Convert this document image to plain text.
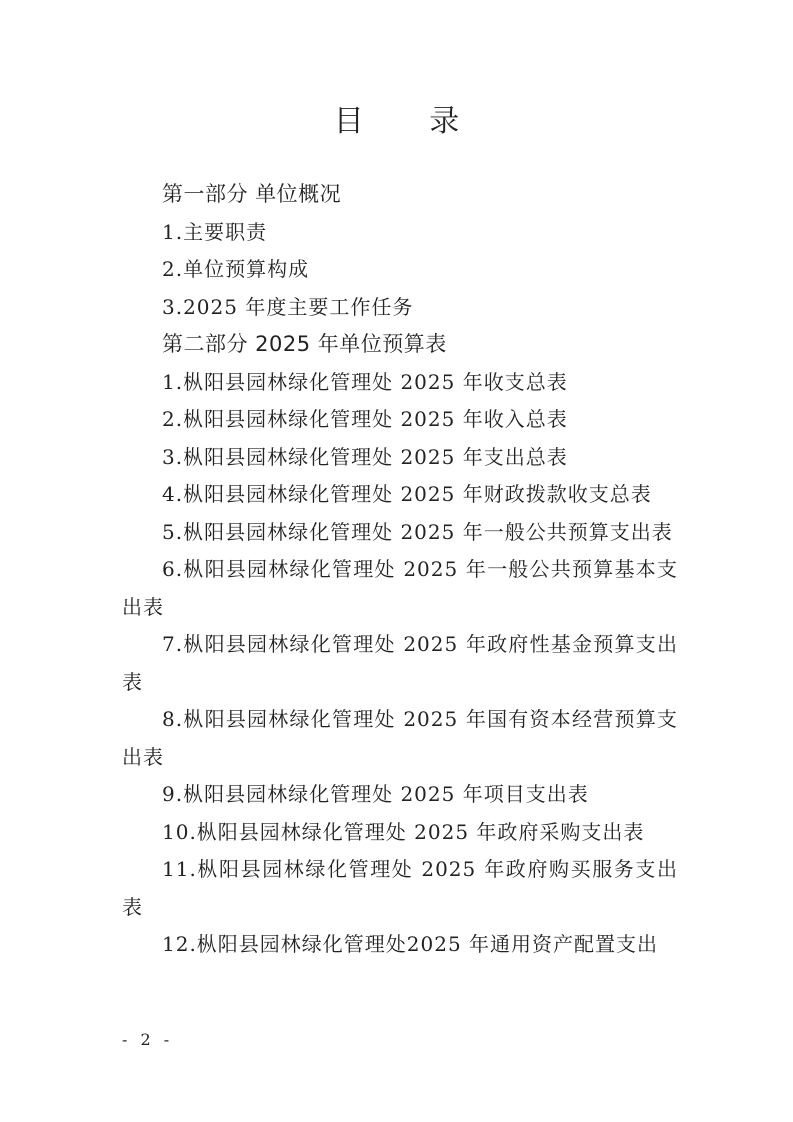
目 录
第一部分 单位概况
1.主要职责
2.单位预算构成
3.2025 年度主要工作任务
第二部分 2025 年单位预算表
1.枞阳县园林绿化管理处 2025 年收支总表
2.枞阳县园林绿化管理处 2025 年收入总表
3.枞阳县园林绿化管理处 2025 年支出总表
4.枞阳县园林绿化管理处 2025 年财政拨款收支总表
5.枞阳县园林绿化管理处 2025 年一般公共预算支出表
6.枞阳县园林绿化管理处 2025 年一般公共预算基本支出表
7.枞阳县园林绿化管理处 2025 年政府性基金预算支出表
8.枞阳县园林绿化管理处 2025 年国有资本经营预算支出表
9.枞阳县园林绿化管理处 2025 年项目支出表
10.枞阳县园林绿化管理处 2025 年政府采购支出表
11.枞阳县园林绿化管理处 2025 年政府购买服务支出表
12.枞阳县园林绿化管理处2025 年通用资产配置支出
- 2 -
